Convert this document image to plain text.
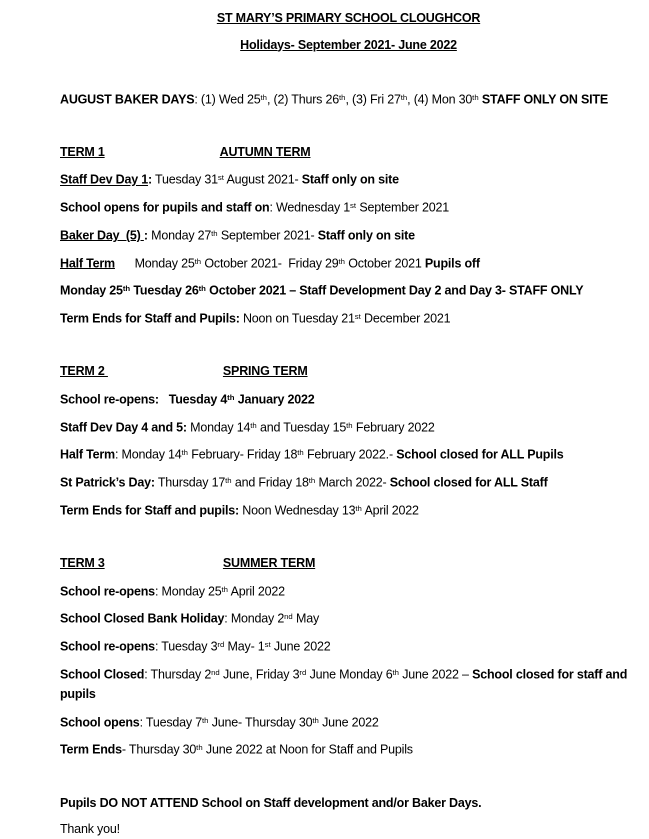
ST MARY’S PRIMARY SCHOOL CLOUGHCOR

Holidays- September 2021- June 2022

AUGUST BAKER DAYS: (1) Wed 25th, (2) Thurs 26th, (3) Fri 27th, (4) Mon 30th STAFF ONLY ON SITE

TERM 1	AUTUMN TERM

Staff Dev Day 1: Tuesday 31st August 2021- Staff only on site

School opens for pupils and staff on: Wednesday 1st September 2021

Baker Day  (5) : Monday 27th September 2021- Staff only on site

Half Term      Monday 25th October 2021-  Friday 29th October 2021 Pupils off

Monday 25th Tuesday 26th October 2021 – Staff Development Day 2 and Day 3- STAFF ONLY

Term Ends for Staff and Pupils: Noon on Tuesday 21st December 2021

TERM 2	SPRING TERM

School re-opens:   Tuesday 4th January 2022

Staff Dev Day 4 and 5: Monday 14th and Tuesday 15th February 2022

Half Term: Monday 14th February- Friday 18th February 2022.- School closed for ALL Pupils

St Patrick’s Day: Thursday 17th and Friday 18th March 2022- School closed for ALL Staff

Term Ends for Staff and pupils: Noon Wednesday 13th April 2022

TERM 3	SUMMER TERM

School re-opens: Monday 25th April 2022

School Closed Bank Holiday: Monday 2nd May

School re-opens: Tuesday 3rd May- 1st June 2022

School Closed: Thursday 2nd June, Friday 3rd June Monday 6th June 2022 – School closed for staff and pupils

School opens: Tuesday 7th June- Thursday 30th June 2022

Term Ends- Thursday 30th June 2022 at Noon for Staff and Pupils

Pupils DO NOT ATTEND School on Staff development and/or Baker Days.

Thank you!
